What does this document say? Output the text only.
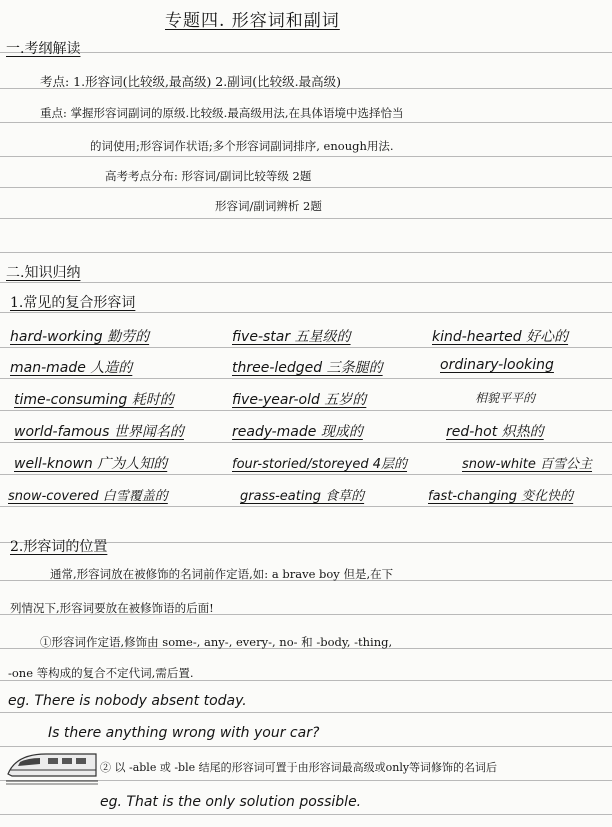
专题四. 形容词和副词
一.考纲解读
考点: 1.形容词(比较级,最高级) 2.副词(比较级.最高级)
重点: 掌握形容词副词的原级.比较级.最高级用法,在具体语境中选择恰当
的词使用;形容词作状语;多个形容词副词排序, enough用法.
高考考点分布: 形容词/副词比较等级 2题
形容词/副词辨析 2题
二.知识归纳
1.常见的复合形容词
hard-working 勤劳的	five-star 五星级的	kind-hearted 好心的
man-made 人造的	three-ledged 三条腿的	ordinary-looking
time-consuming 耗时的	five-year-old 五岁的	相貌平平的
world-famous 世界闻名的	ready-made 现成的	red-hot 炽热的
well-known 广为人知的	four-storied/storeyed 4层的	snow-white 百雪公主
snow-covered 白雪覆盖的	grass-eating 食草的	fast-changing 变化快的
2.形容词的位置
通常,形容词放在被修饰的名词前作定语,如: a brave boy 但是,在下
列情况下,形容词要放在被修饰语的后面!
①形容词作定语,修饰由 some-, any-, every-, no- 和 -body, -thing,
-one 等构成的复合不定代词,需后置.
eg. There is nobody absent today.
Is there anything wrong with your car?
② 以 -able 或 -ble 结尾的形容词可置于由形容词最高级或only等词修饰的名词后
eg. That is the only solution possible.
